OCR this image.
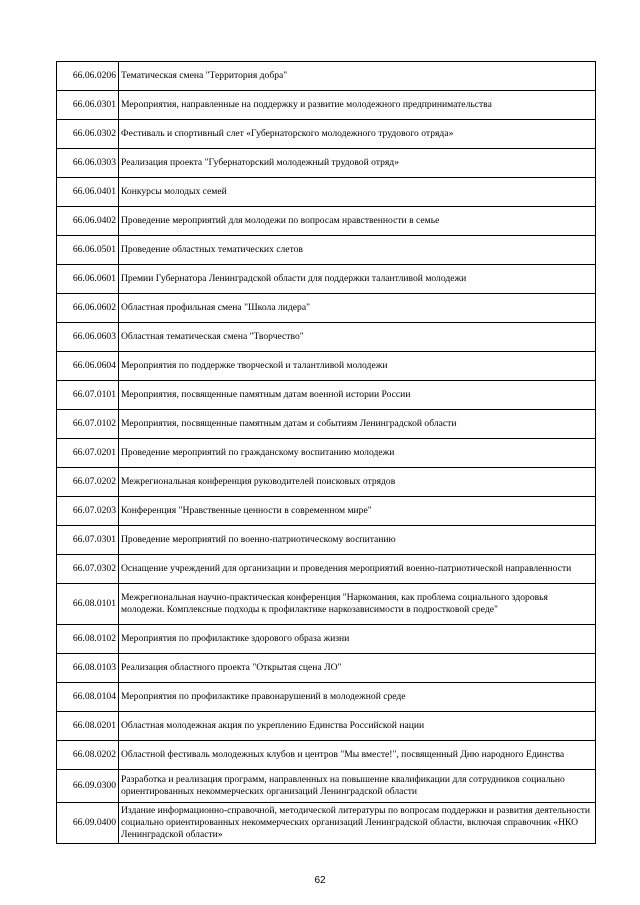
66.06.0206	Тематическая смена "Территория добра"
66.06.0301	Мероприятия, направленные на поддержку и развитие молодежного предпринимательства
66.06.0302	Фестиваль и спортивный слет «Губернаторского молодежного трудового отряда»
66.06.0303	Реализация проекта "Губернаторский молодежный трудовой отряд»
66.06.0401	Конкурсы молодых семей
66.06.0402	Проведение мероприятий для молодежи по вопросам нравственности в семье
66.06.0501	Проведение областных тематических слетов
66.06.0601	Премии Губернатора Ленинградской области для поддержки талантливой молодежи
66.06.0602	Областная профильная смена "Школа лидера"
66.06.0603	Областная тематическая смена "Творчество"
66.06.0604	Мероприятия по поддержке творческой и талантливой молодежи
66.07.0101	Мероприятия, посвященные памятным датам военной истории России
66.07.0102	Мероприятия, посвященные памятным датам и событиям Ленинградской области
66.07.0201	Проведение мероприятий по гражданскому воспитанию молодежи
66.07.0202	Межрегиональная конференция руководителей поисковых отрядов
66.07.0203	Конференция "Нравственные ценности в современном мире"
66.07.0301	Проведение мероприятий по военно-патриотическому воспитанию
66.07.0302	Оснащение учреждений для организации и проведения мероприятий военно-патриотической направленности
66.08.0101	Межрегиональная научно-практическая конференция "Наркомания, как проблема социального здоровья молодежи. Комплексные подходы к профилактике наркозависимости в подростковой среде"
66.08.0102	Мероприятия по профилактике здорового образа жизни
66.08.0103	Реализация областного проекта "Открытая сцена ЛО"
66.08.0104	Мероприятия по профилактике правонарушений в молодежной среде
66.08.0201	Областная молодежная акция по укреплению Единства Российской нации
66.08.0202	Областной фестиваль молодежных клубов и центров "Мы вместе!", посвященный Дню народного Единства
66.09.0300	Разработка и реализация программ, направленных на повышение квалификации для сотрудников социально ориентированных некоммерческих организаций Ленинградской области
66.09.0400	Издание информационно-справочной, методической литературы по вопросам поддержки и развития деятельности социально ориентированных некоммерческих организаций Ленинградской области, включая справочник «НКО Ленинградской области»
62
